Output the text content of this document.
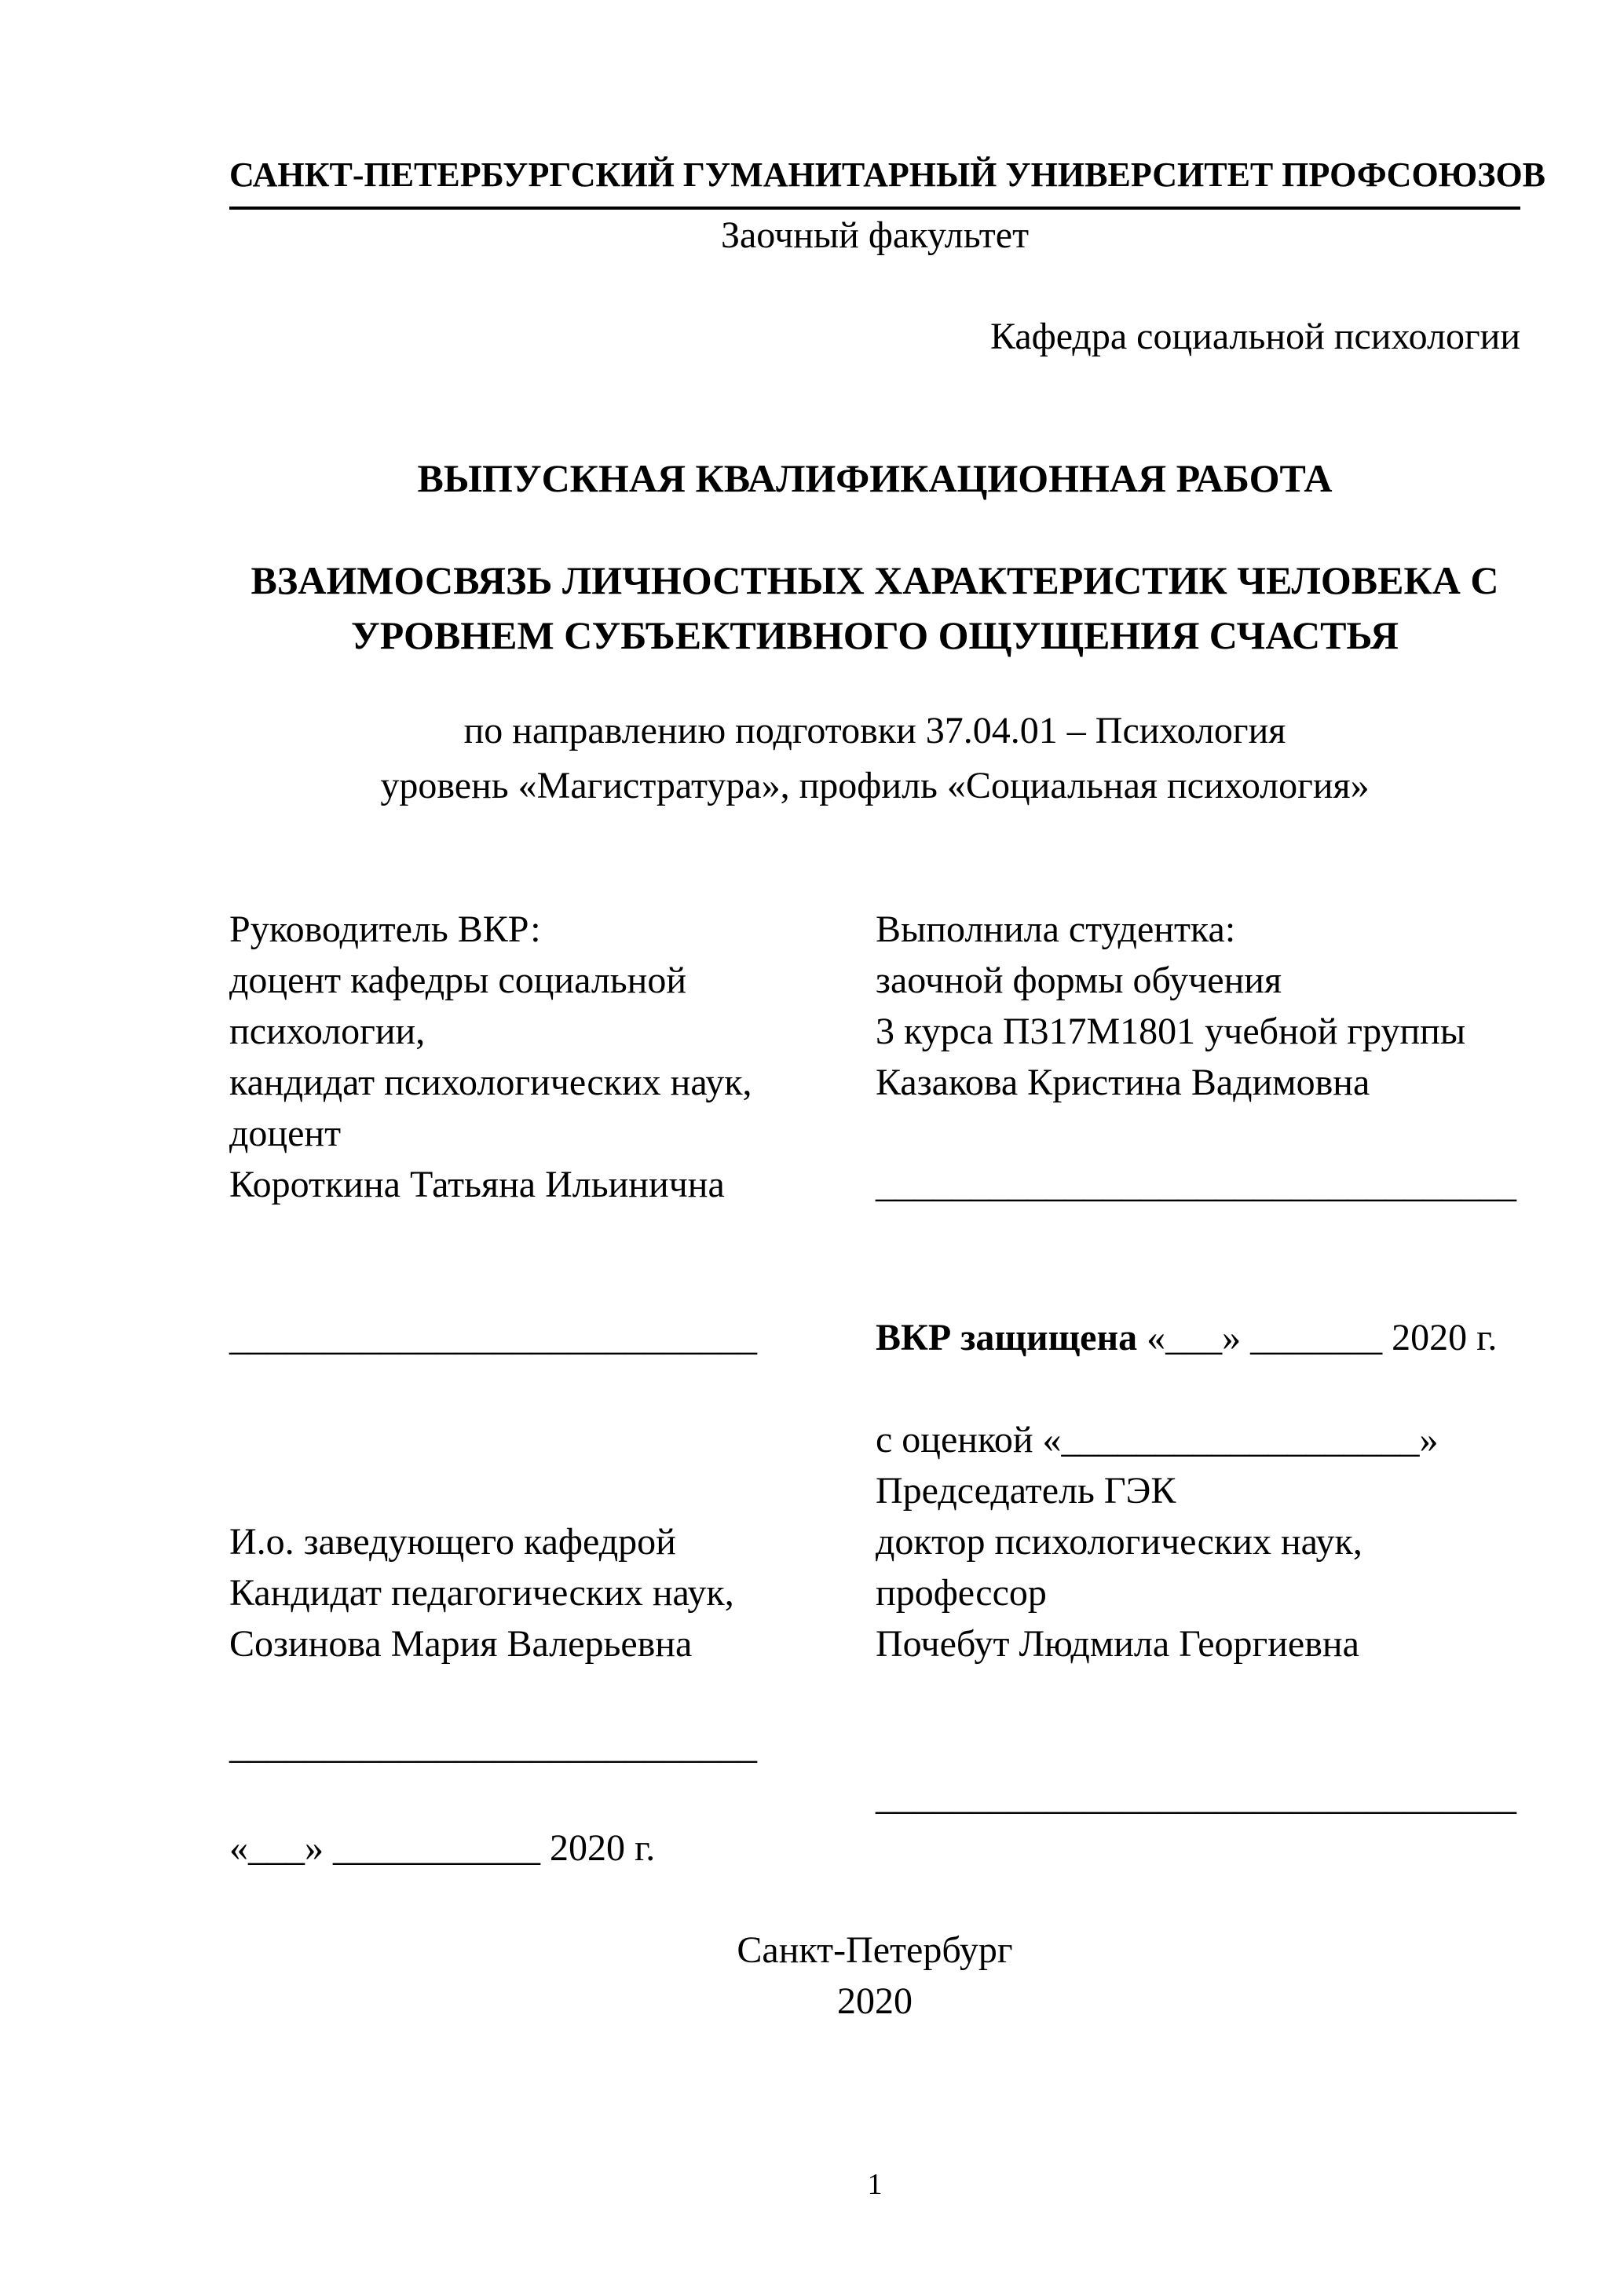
САНКТ-ПЕТЕРБУРГСКИЙ ГУМАНИТАРНЫЙ УНИВЕРСИТЕТ ПРОФСОЮЗОВ
Заочный факультет
Кафедра социальной психологии
ВЫПУСКНАЯ КВАЛИФИКАЦИОННАЯ РАБОТА
ВЗАИМОСВЯЗЬ ЛИЧНОСТНЫХ ХАРАКТЕРИСТИК ЧЕЛОВЕКА С
УРОВНЕМ СУБЪЕКТИВНОГО ОЩУЩЕНИЯ СЧАСТЬЯ
по направлению подготовки 37.04.01 – Психология
уровень «Магистратура», профиль «Социальная психология»
Руководитель ВКР:
доцент кафедры социальной
психологии,
кандидат психологических наук,
доцент
Короткина Татьяна Ильинична
____________________________
И.о. заведующего кафедрой
Кандидат педагогических наук,
Созинова Мария Валерьевна
____________________________
«___» ___________ 2020 г.
Выполнила студентка:
заочной формы обучения
3 курса П317М1801 учебной группы
Казакова Кристина Вадимовна
__________________________________
ВКР защищена «___» _______ 2020 г.
с оценкой «___________________»
Председатель ГЭК
доктор психологических наук,
профессор
Почебут Людмила Георгиевна
__________________________________
Санкт-Петербург
2020
1
